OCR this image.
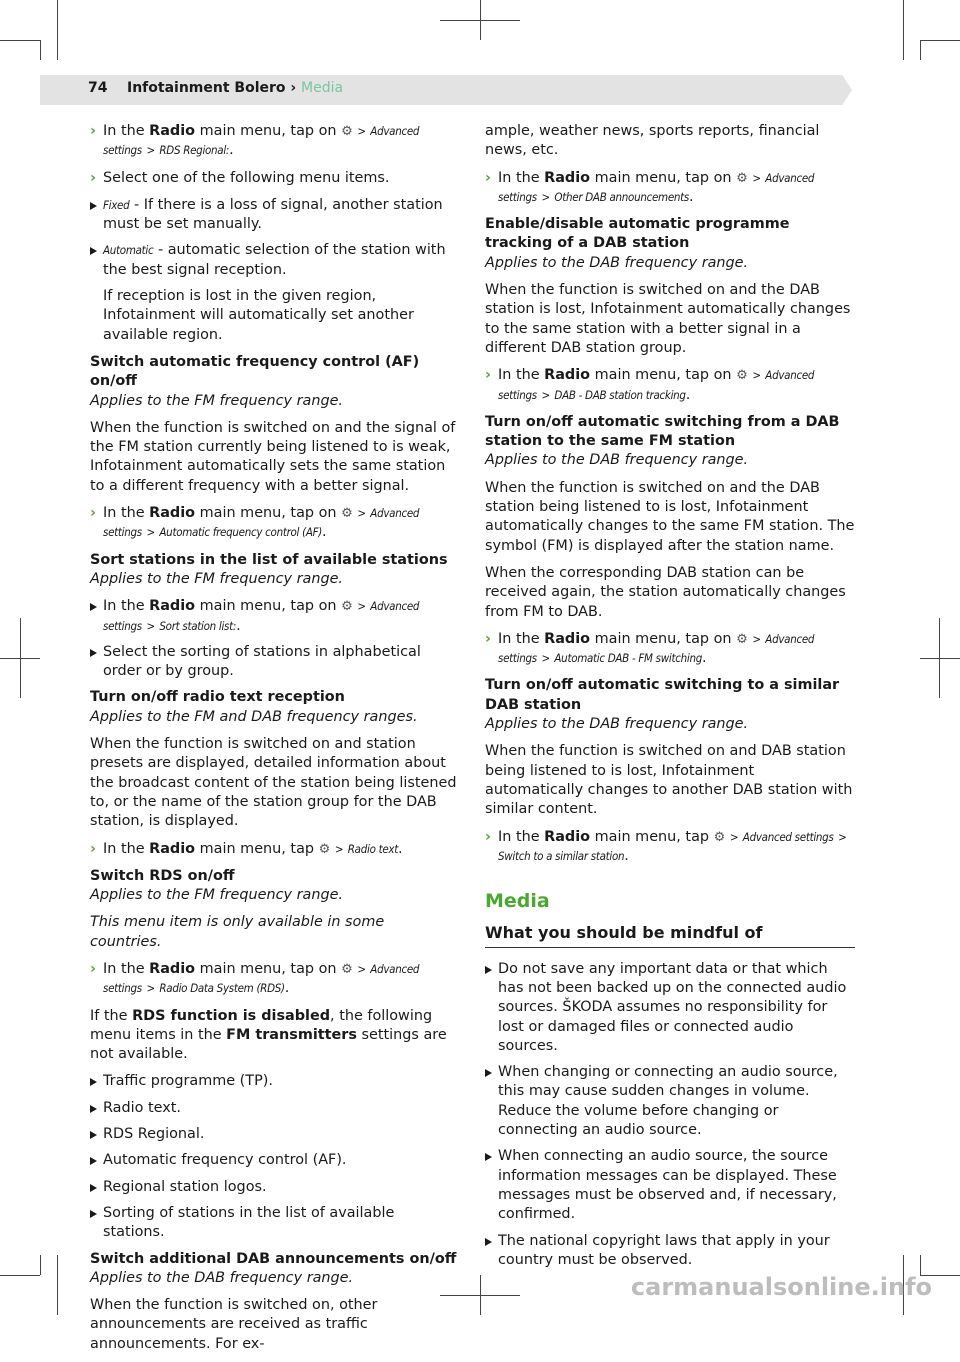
74 Infotainment Bolero › Media
› In the Radio main menu, tap on ⚙ > Advanced settings > RDS Regional:.
› Select one of the following menu items.
Fixed - If there is a loss of signal, another station must be set manually.
Automatic - automatic selection of the station with the best signal reception.
If reception is lost in the given region, Infotainment will automatically set another available region.
Switch automatic frequency control (AF) on/off
Applies to the FM frequency range.
When the function is switched on and the signal of the FM station currently being listened to is weak, Infotainment automatically sets the same station to a different frequency with a better signal.
› In the Radio main menu, tap on ⚙ > Advanced settings > Automatic frequency control (AF).
Sort stations in the list of available stations
Applies to the FM frequency range.
In the Radio main menu, tap on ⚙ > Advanced settings > Sort station list:.
Select the sorting of stations in alphabetical order or by group.
Turn on/off radio text reception
Applies to the FM and DAB frequency ranges.
When the function is switched on and station presets are displayed, detailed information about the broadcast content of the station being listened to, or the name of the station group for the DAB station, is displayed.
› In the Radio main menu, tap ⚙ > Radio text.
Switch RDS on/off
Applies to the FM frequency range.
This menu item is only available in some countries.
› In the Radio main menu, tap on ⚙ > Advanced settings > Radio Data System (RDS).
If the RDS function is disabled, the following menu items in the FM transmitters settings are not available.
Traffic programme (TP).
Radio text.
RDS Regional.
Automatic frequency control (AF).
Regional station logos.
Sorting of stations in the list of available stations.
Switch additional DAB announcements on/off
Applies to the DAB frequency range.
When the function is switched on, other announcements are received as traffic announcements. For ex-
ample, weather news, sports reports, financial news, etc.
› In the Radio main menu, tap on ⚙ > Advanced settings > Other DAB announcements.
Enable/disable automatic programme tracking of a DAB station
Applies to the DAB frequency range.
When the function is switched on and the DAB station is lost, Infotainment automatically changes to the same station with a better signal in a different DAB station group.
› In the Radio main menu, tap on ⚙ > Advanced settings > DAB - DAB station tracking.
Turn on/off automatic switching from a DAB station to the same FM station
Applies to the DAB frequency range.
When the function is switched on and the DAB station being listened to is lost, Infotainment automatically changes to the same FM station. The symbol (FM) is displayed after the station name.
When the corresponding DAB station can be received again, the station automatically changes from FM to DAB.
› In the Radio main menu, tap on ⚙ > Advanced settings > Automatic DAB - FM switching.
Turn on/off automatic switching to a similar DAB station
Applies to the DAB frequency range.
When the function is switched on and DAB station being listened to is lost, Infotainment automatically changes to another DAB station with similar content.
› In the Radio main menu, tap ⚙ > Advanced settings > Switch to a similar station.
Media
What you should be mindful of
Do not save any important data or that which has not been backed up on the connected audio sources. ŠKODA assumes no responsibility for lost or damaged files or connected audio sources.
When changing or connecting an audio source, this may cause sudden changes in volume. Reduce the volume before changing or connecting an audio source.
When connecting an audio source, the source information messages can be displayed. These messages must be observed and, if necessary, confirmed.
The national copyright laws that apply in your country must be observed.
carmanualsonline.info
